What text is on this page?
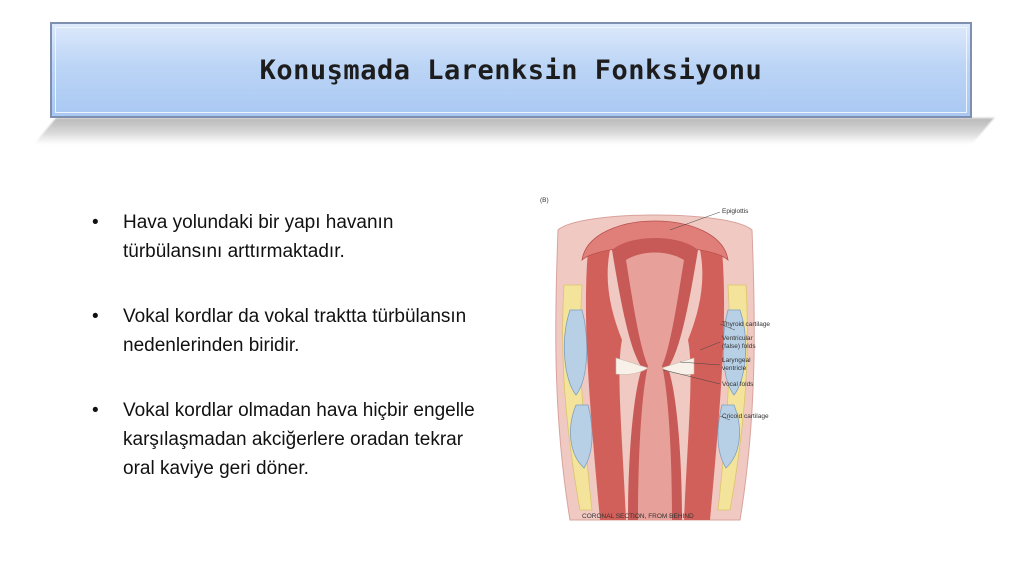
Konuşmada Larenksin Fonksiyonu
• Hava yolundaki bir yapı havanın türbülansını arttırmaktadır.
• Vokal kordlar da vokal traktta türbülansın nedenlerinden biridir.
• Vokal kordlar olmadan hava hiçbir engelle karşılaşmadan akciğerlere oradan tekrar oral kaviye geri döner.
(B)
Epiglottis
Thyroid cartilage
Ventricular
(false) folds
Laryngeal
ventricle
Vocal folds
Cricoid cartilage
CORONAL SECTION, FROM BEHIND
